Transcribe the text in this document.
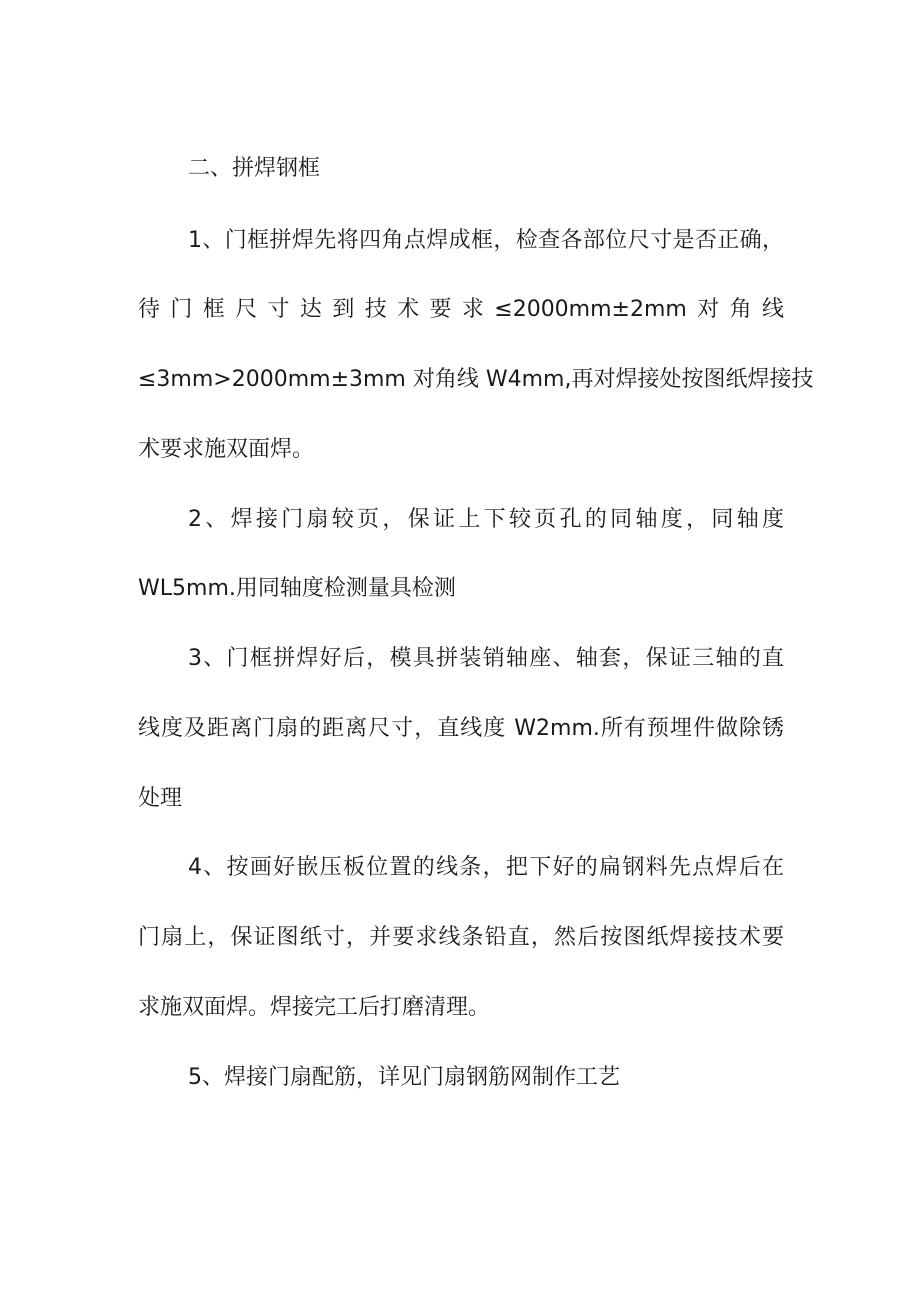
二、拼焊钢框

1、门框拼焊先将四角点焊成框，检查各部位尺寸是否正确，

待门框尺寸达到技术要求≤2000mm±2mm对角线

≤3mm>2000mm±3mm 对角线 W4mm,再对焊接处按图纸焊接技

术要求施双面焊。

2、焊接门扇较页，保证上下较页孔的同轴度，同轴度

WL5mm.用同轴度检测量具检测

3、门框拼焊好后，模具拼装销轴座、轴套，保证三轴的直

线度及距离门扇的距离尺寸，直线度 W2mm.所有预埋件做除锈

处理

4、按画好嵌压板位置的线条，把下好的扁钢料先点焊后在

门扇上，保证图纸寸，并要求线条铅直，然后按图纸焊接技术要

求施双面焊。焊接完工后打磨清理。

5、焊接门扇配筋，详见门扇钢筋网制作工艺
